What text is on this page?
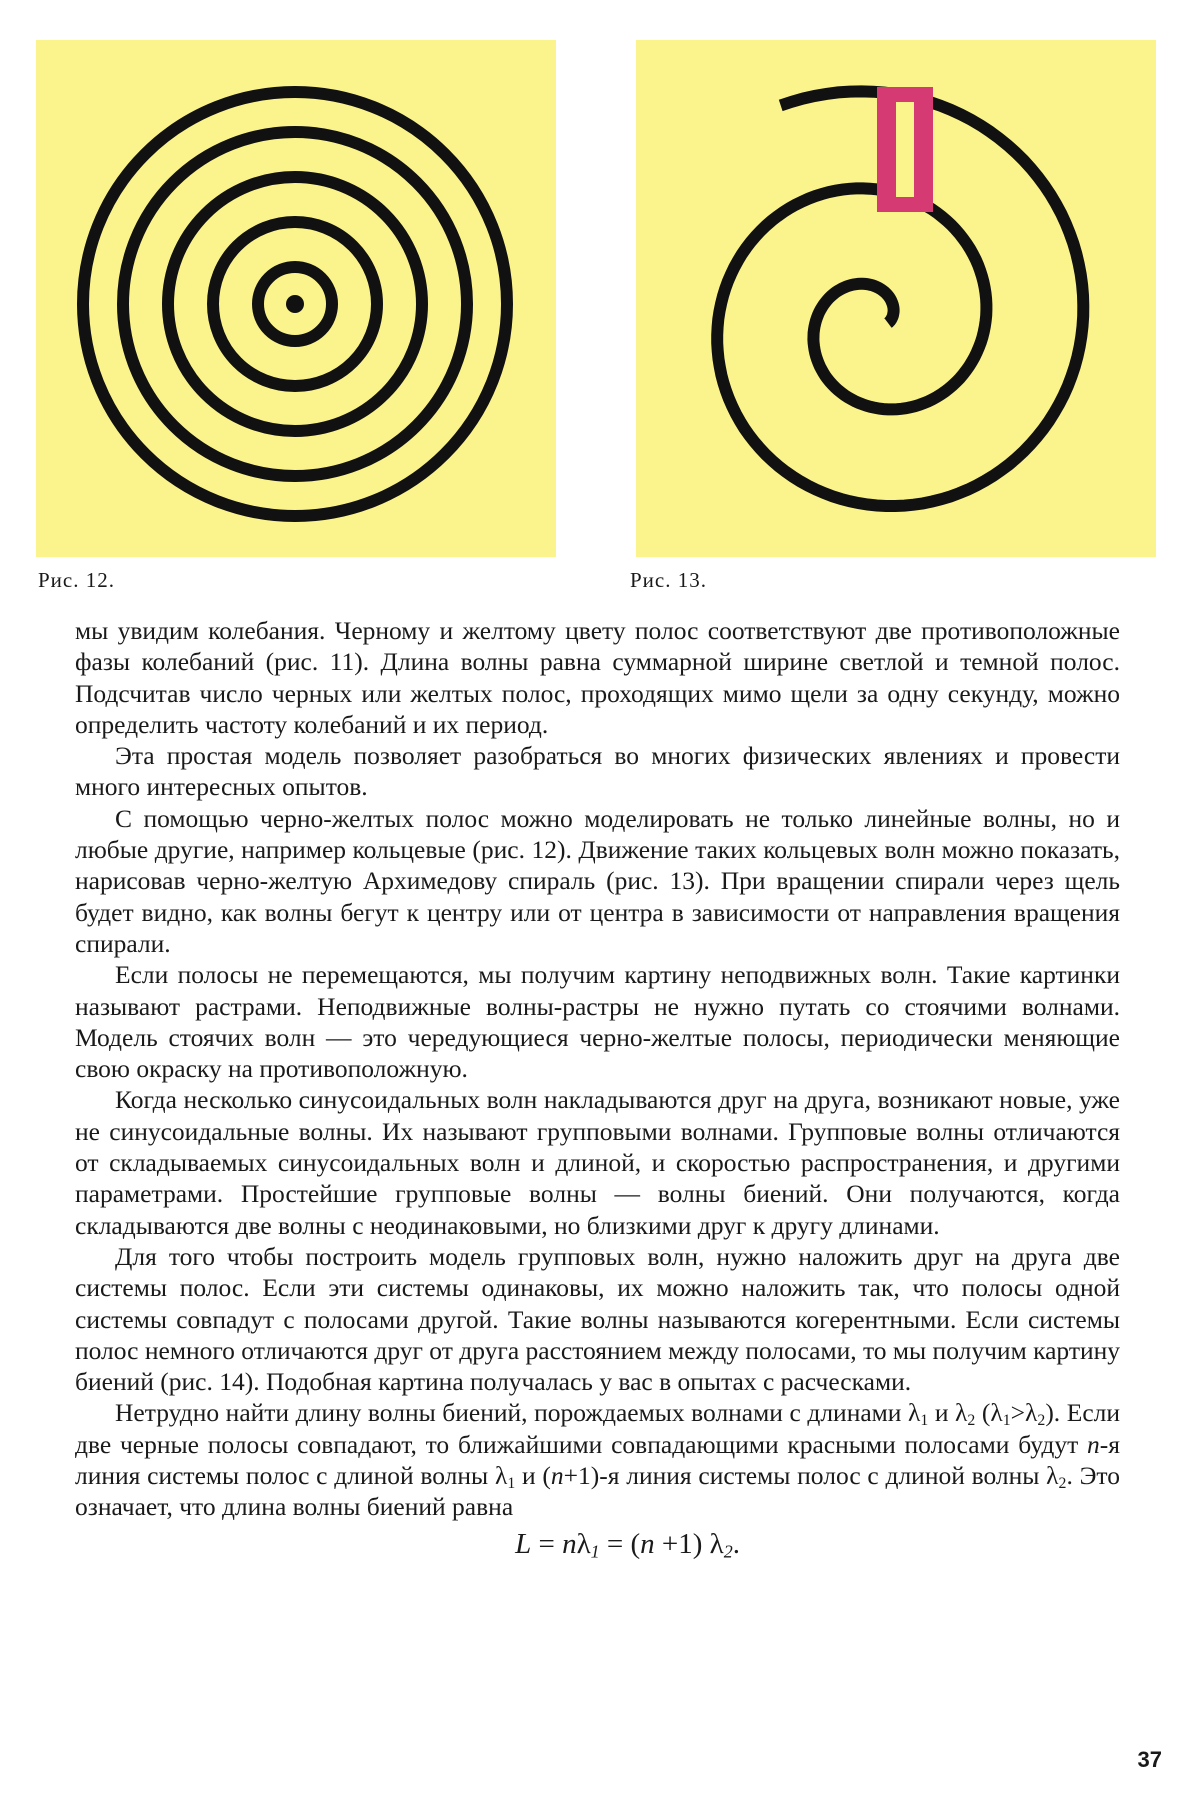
Рис. 12.	Рис. 13.

мы увидим колебания. Черному и желтому цвету полос соответствуют две противоположные фазы колебаний (рис. 11). Длина волны равна суммарной ширине светлой и темной полос. Подсчитав число черных или желтых полос, проходящих мимо щели за одну секунду, можно определить частоту колебаний и их период.

Эта простая модель позволяет разобраться во многих физических явлениях и провести много интересных опытов.

С помощью черно-желтых полос можно моделировать не только линейные волны, но и любые другие, например кольцевые (рис. 12). Движение таких кольцевых волн можно показать, нарисовав черно-желтую Архимедову спираль (рис. 13). При вращении спирали через щель будет видно, как волны бегут к центру или от центра в зависимости от направления вращения спирали.

Если полосы не перемещаются, мы получим картину неподвижных волн. Такие картинки называют растрами. Неподвижные волны-растры не нужно путать со стоячими волнами. Модель стоячих волн — это чередующиеся черно-желтые полосы, периодически меняющие свою окраску на противоположную.

Когда несколько синусоидальных волн накладываются друг на друга, возникают новые, уже не синусоидальные волны. Их называют групповыми волнами. Групповые волны отличаются от складываемых синусоидальных волн и длиной, и скоростью распространения, и другими параметрами. Простейшие групповые волны — волны биений. Они получаются, когда складываются две волны с неодинаковыми, но близкими друг к другу длинами.

Для того чтобы построить модель групповых волн, нужно наложить друг на друга две системы полос. Если эти системы одинаковы, их можно наложить так, что полосы одной системы совпадут с полосами другой. Такие волны называются когерентными. Если системы полос немного отличаются друг от друга расстоянием между полосами, то мы получим картину биений (рис. 14). Подобная картина получалась у вас в опытах с расческами.

Нетрудно найти длину волны биений, порождаемых волнами с длинами $\lambda_1$ и $\lambda_2$ $(\lambda_1>\lambda_2)$. Если две черные полосы совпадают, то ближайшими совпадающими красными полосами будут n-я линия системы полос с длиной волны $\lambda_1$ и (n+1)-я линия системы полос с длиной волны $\lambda_2$. Это означает, что длина волны биений равна

$L = n\lambda_1 = (n +1)$ $\lambda_2$.
37
